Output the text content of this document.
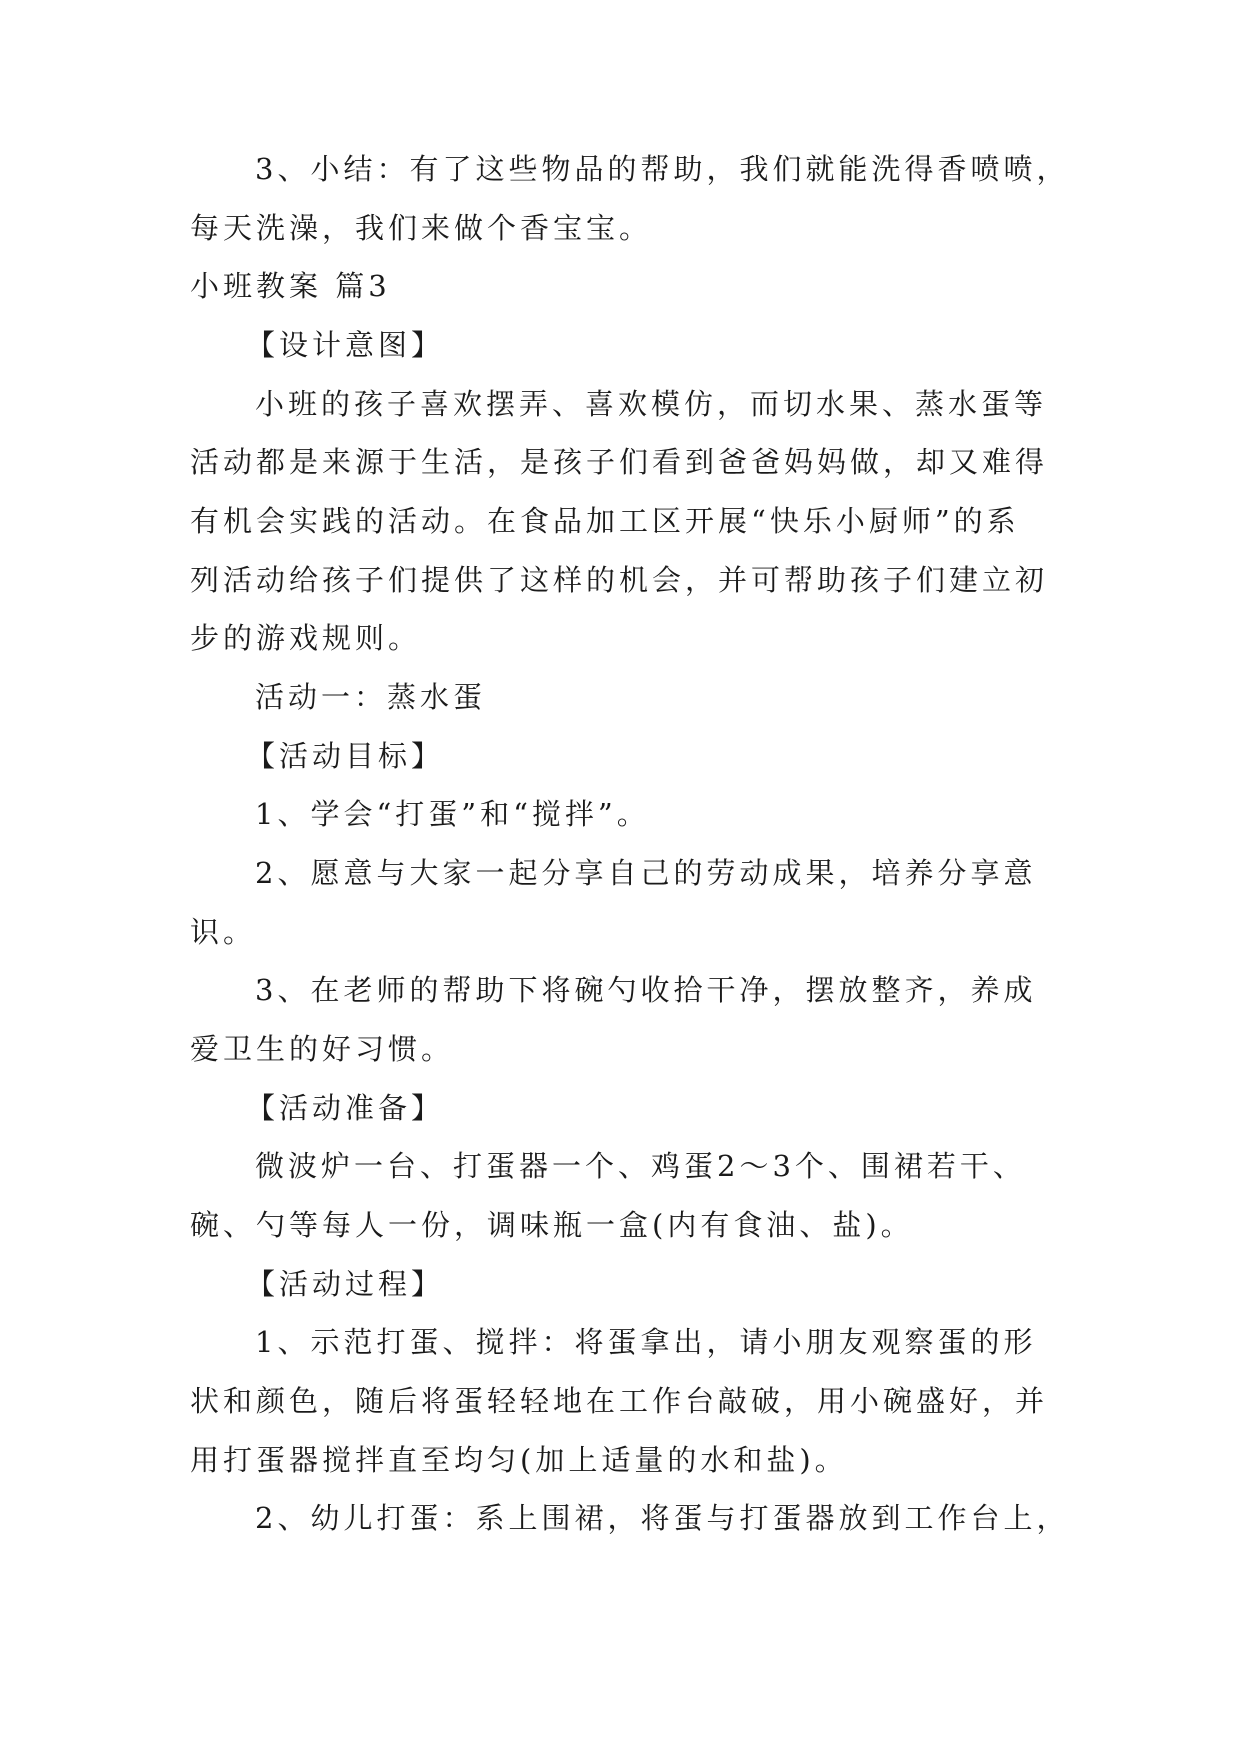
3、小结：有了这些物品的帮助，我们就能洗得香喷喷，
每天洗澡，我们来做个香宝宝。
小班教案 篇3
【设计意图】
小班的孩子喜欢摆弄、喜欢模仿，而切水果、蒸水蛋等
活动都是来源于生活，是孩子们看到爸爸妈妈做，却又难得
有机会实践的活动。在食品加工区开展“快乐小厨师”的系
列活动给孩子们提供了这样的机会，并可帮助孩子们建立初
步的游戏规则。
活动一：蒸水蛋
【活动目标】
1、学会“打蛋”和“搅拌”。
2、愿意与大家一起分享自己的劳动成果，培养分享意
识。
3、在老师的帮助下将碗勺收拾干净，摆放整齐，养成
爱卫生的好习惯。
【活动准备】
微波炉一台、打蛋器一个、鸡蛋2～3个、围裙若干、
碗、勺等每人一份，调味瓶一盒(内有食油、盐)。
【活动过程】
1、示范打蛋、搅拌：将蛋拿出，请小朋友观察蛋的形
状和颜色，随后将蛋轻轻地在工作台敲破，用小碗盛好，并
用打蛋器搅拌直至均匀(加上适量的水和盐)。
2、幼儿打蛋：系上围裙，将蛋与打蛋器放到工作台上，
